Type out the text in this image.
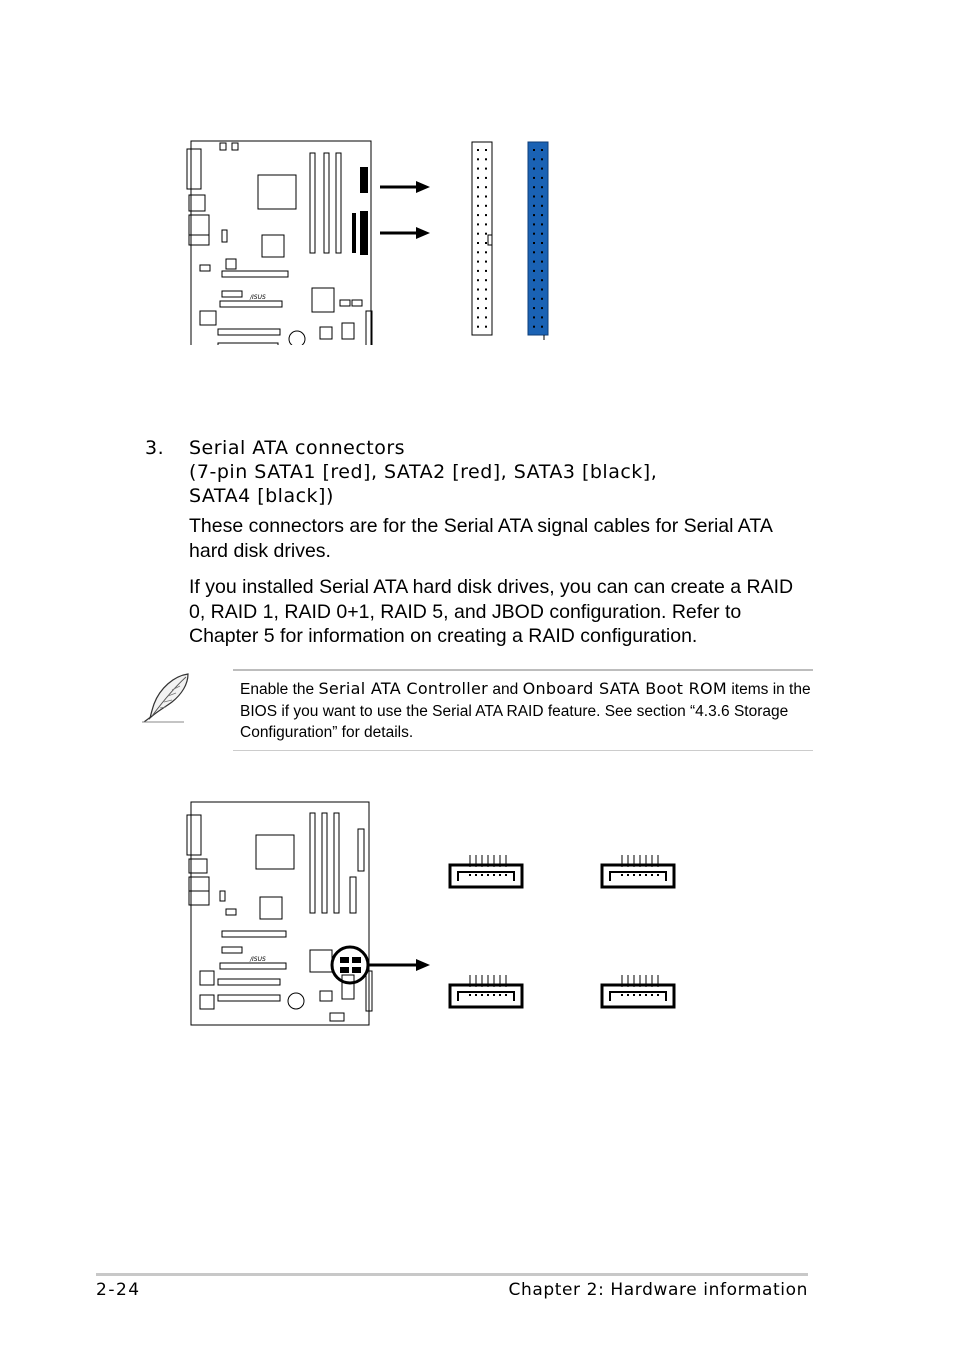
/ISUS
3. Serial ATA connectors
(7-pin SATA1 [red], SATA2 [red], SATA3 [black],
SATA4 [black])
These connectors are for the Serial ATA signal cables for Serial ATA hard disk drives.
If you installed Serial ATA hard disk drives, you can can create a RAID 0, RAID 1, RAID 0+1, RAID 5, and JBOD configuration. Refer to Chapter 5 for information on creating a RAID configuration.
Enable the Serial ATA Controller and Onboard SATA Boot ROM items in the BIOS if you want to use the Serial ATA RAID feature. See section “4.3.6 Storage Configuration” for details.
/ISUS
2-24	Chapter 2: Hardware information
